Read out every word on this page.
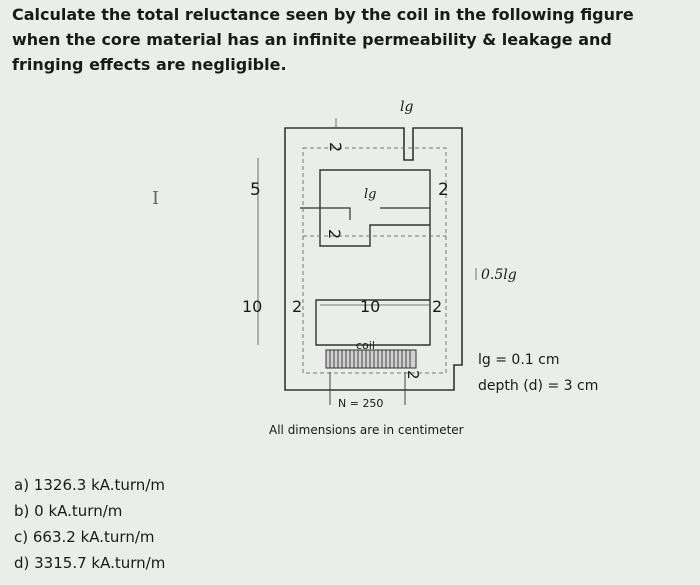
Calculate the total reluctance seen by the coil in the following figure when the core material has an infinite permeability & leakage and fringing effects are negligible.
I
2
5	2
2
10 2	10	2
2
lg
lg
0.5lg
coil
N = 250
lg = 0.1 cm
depth (d) = 3 cm
All dimensions are in centimeter
a) 1326.3 kA.turn/m
b) 0 kA.turn/m
c) 663.2 kA.turn/m
d) 3315.7 kA.turn/m
